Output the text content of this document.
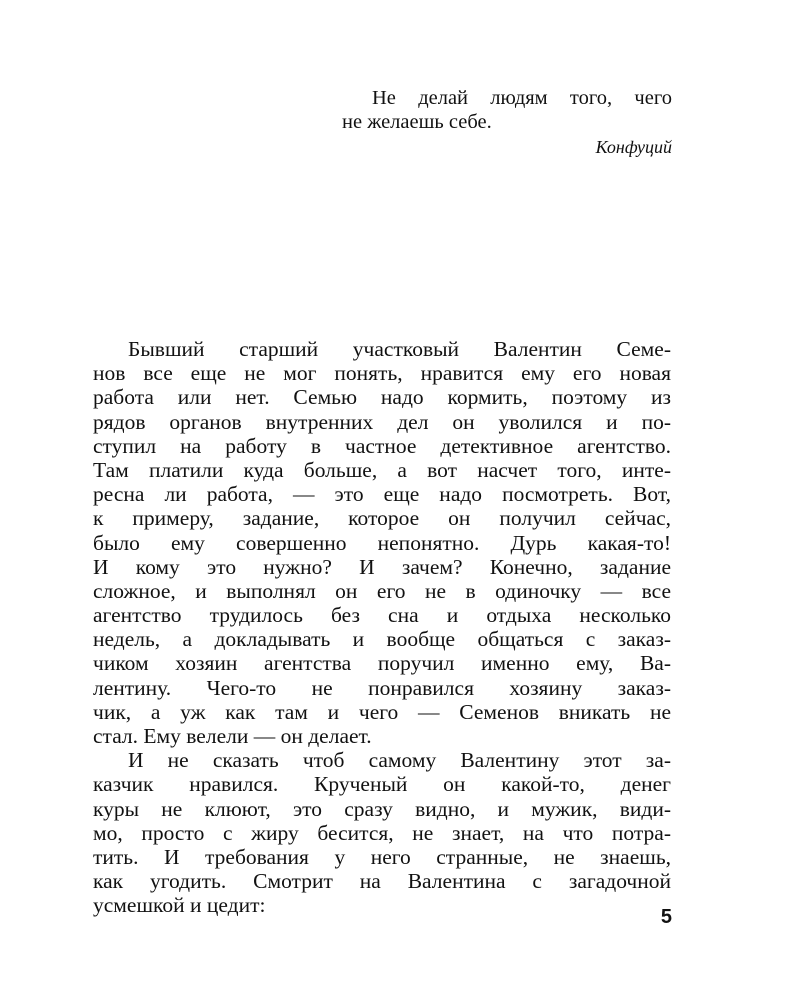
Не делай людям того, чего
не желаешь себе.
Конфуций
Бывший старший участковый Валентин Семе-
нов все еще не мог понять, нравится ему его новая
работа или нет. Семью надо кормить, поэтому из
рядов органов внутренних дел он уволился и по-
ступил на работу в частное детективное агентство.
Там платили куда больше, а вот насчет того, инте-
ресна ли работа, — это еще надо посмотреть. Вот,
к примеру, задание, которое он получил сейчас,
было ему совершенно непонятно. Дурь какая-то!
И кому это нужно? И зачем? Конечно, задание
сложное, и выполнял он его не в одиночку — все
агентство трудилось без сна и отдыха несколько
недель, а докладывать и вообще общаться с заказ-
чиком хозяин агентства поручил именно ему, Ва-
лентину. Чего-то не понравился хозяину заказ-
чик, а уж как там и чего — Семенов вникать не
стал. Ему велели — он делает.
И не сказать чтоб самому Валентину этот за-
казчик нравился. Крученый он какой-то, денег
куры не клюют, это сразу видно, и мужик, види-
мо, просто с жиру бесится, не знает, на что потра-
тить. И требования у него странные, не знаешь,
как угодить. Смотрит на Валентина с загадочной
усмешкой и цедит:	5
